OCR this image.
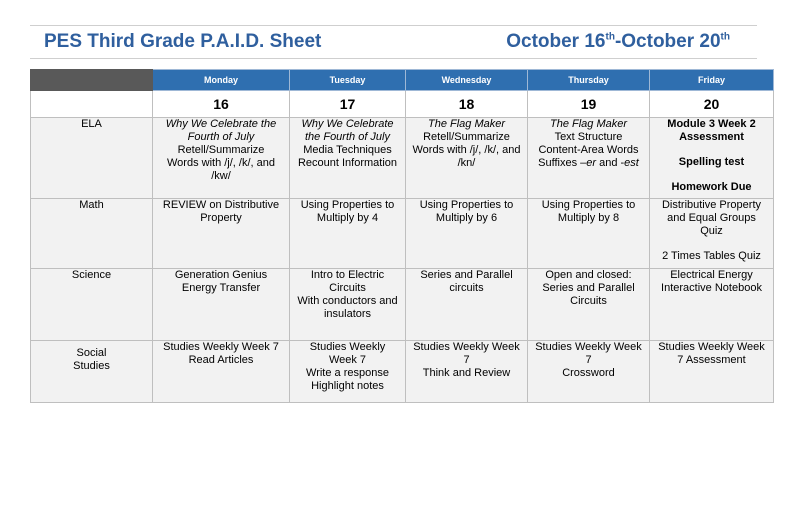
PES Third Grade P.A.I.D. Sheet	October 16th-October 20th
	Monday	Tuesday	Wednesday	Thursday	Friday
	16	17	18	19	20
ELA	Why We Celebrate the
Fourth of July
Retell/Summarize
Words with /j/, /k/, and
/kw/	Why We Celebrate
the Fourth of July
Media Techniques
Recount Information	The Flag Maker
Retell/Summarize
Words with /j/, /k/, and
/kn/	The Flag Maker
Text Structure
Content-Area Words
Suffixes –er and -est	Module 3 Week 2
Assessment
Spelling test
Homework Due

Math	REVIEW on Distributive
Property	Using Properties to
Multiply by 4	Using Properties to
Multiply by 6	Using Properties to
Multiply by 8	Distributive Property
and Equal Groups
Quiz
2 Times Tables Quiz

Science	Generation Genius
Energy Transfer	Intro to Electric
Circuits
With conductors and
insulators	Series and Parallel
circuits	Open and closed:
Series and Parallel
Circuits	Electrical Energy
Interactive Notebook

Social
Studies	Studies Weekly Week 7
Read Articles	Studies Weekly
Week 7
Write a response
Highlight notes	Studies Weekly Week
7
Think and Review	Studies Weekly Week
7
Crossword	Studies Weekly Week
7 Assessment
